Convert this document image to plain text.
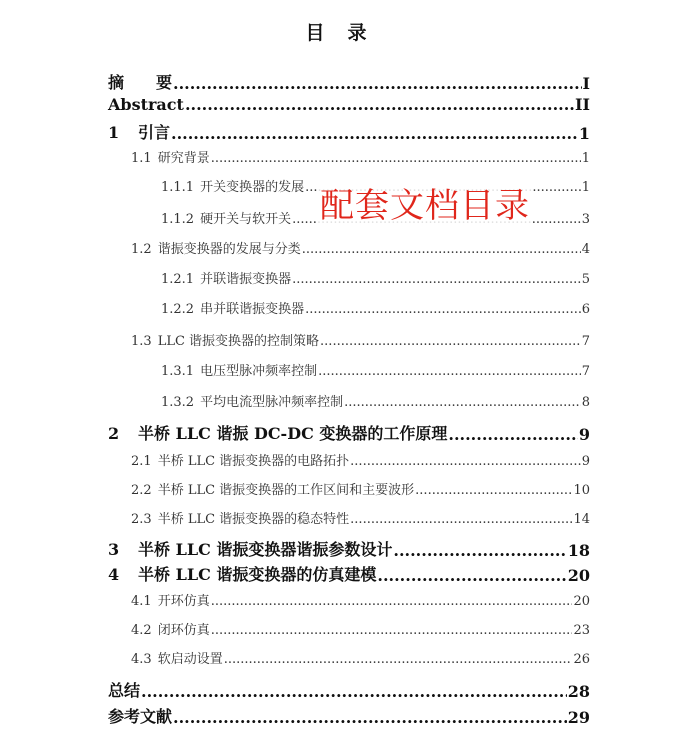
目　录
摘　　要 .....	I
Abstract .....	II
1 引言 .....	1
1.1 研究背景 .....	1
1.1.1 开关变换器的发展 .....	1
1.1.2 硬开关与软开关 .....	3
1.2 谐振变换器的发展与分类 .....	4
1.2.1 并联谐振变换器 .....	5
1.2.2 串并联谐振变换器 .....	6
1.3 LLC 谐振变换器的控制策略 .....	7
1.3.1 电压型脉冲频率控制 .....	7
1.3.2 平均电流型脉冲频率控制 .....	8
2 半桥 LLC 谐振 DC-DC 变换器的工作原理 .....	9
2.1 半桥 LLC 谐振变换器的电路拓扑 .....	9
2.2 半桥 LLC 谐振变换器的工作区间和主要波形 .....	10
2.3 半桥 LLC 谐振变换器的稳态特性 .....	14
3 半桥 LLC 谐振变换器谐振参数设计 .....	18
4 半桥 LLC 谐振变换器的仿真建模 .....	20
4.1 开环仿真 .....	20
4.2 闭环仿真 .....	23
4.3 软启动设置 .....	26
总结 .....	28
参考文献 .....	29
配套文档目录
